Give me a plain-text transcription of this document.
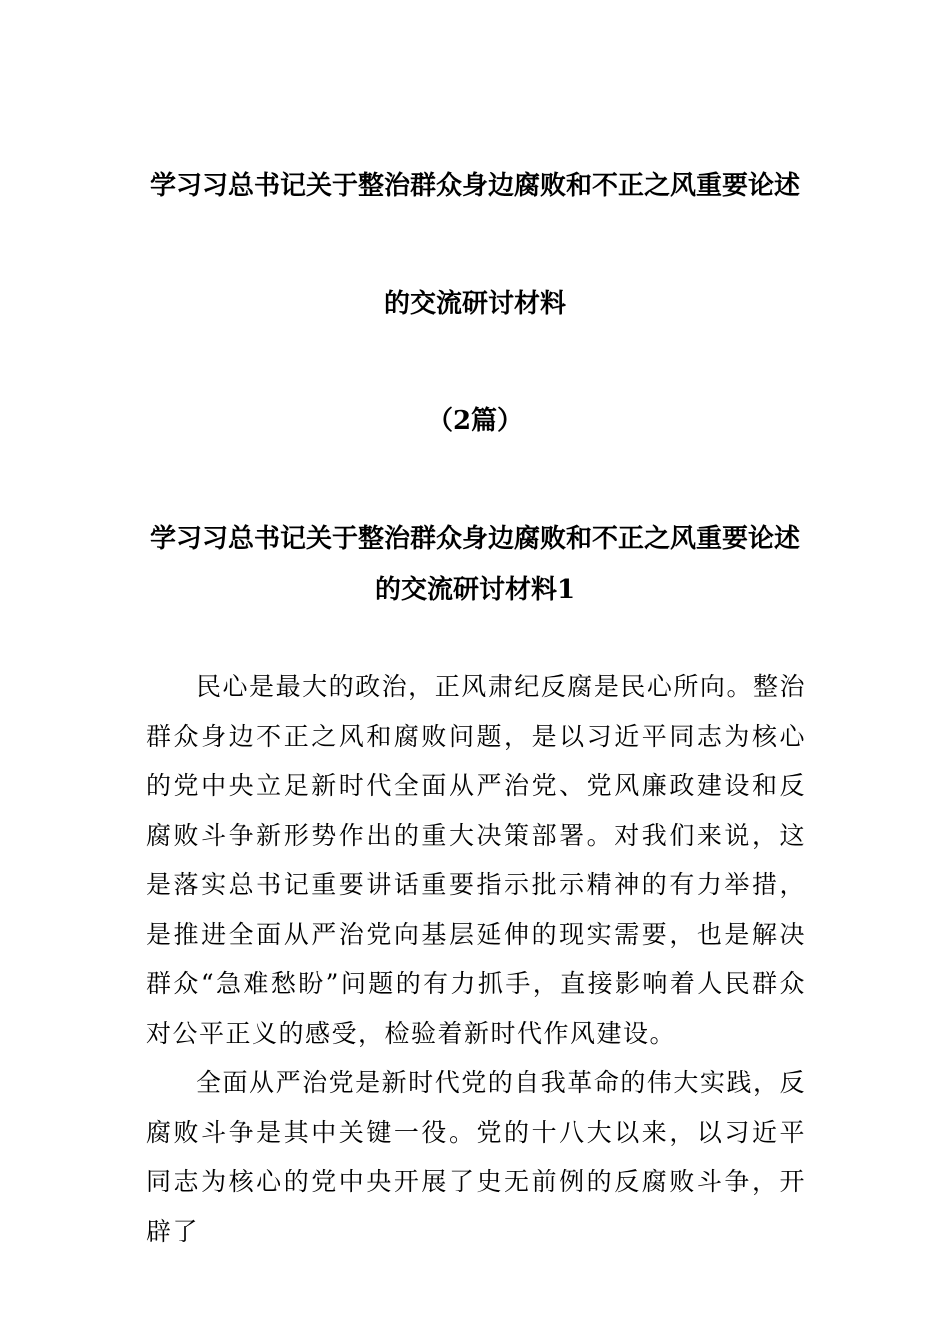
学习习总书记关于整治群众身边腐败和不正之风重要论述
的交流研讨材料
（2篇）
学习习总书记关于整治群众身边腐败和不正之风重要论述
的交流研讨材料1

民心是最大的政治，正风肃纪反腐是民心所向。整治群众身边不正之风和腐败问题，是以习近平同志为核心的党中央立足新时代全面从严治党、党风廉政建设和反腐败斗争新形势作出的重大决策部署。对我们来说，这是落实总书记重要讲话重要指示批示精神的有力举措，是推进全面从严治党向基层延伸的现实需要，也是解决群众“急难愁盼”问题的有力抓手，直接影响着人民群众对公平正义的感受，检验着新时代作风建设。

全面从严治党是新时代党的自我革命的伟大实践，反腐败斗争是其中关键一役。党的十八大以来，以习近平同志为核心的党中央开展了史无前例的反腐败斗争，开辟了
